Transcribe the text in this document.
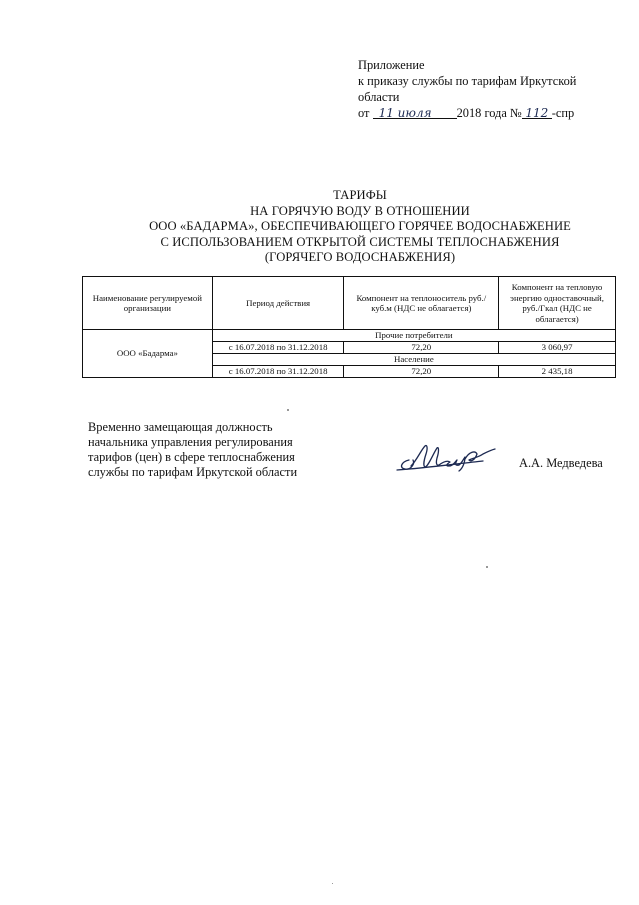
Приложение
к приказу службы по тарифам Иркутской
области
от 11 июля 2018 года № 112 -спр
ТАРИФЫ
НА ГОРЯЧУЮ ВОДУ В ОТНОШЕНИИ
ООО «БАДАРМА», ОБЕСПЕЧИВАЮЩЕГО ГОРЯЧЕЕ ВОДОСНАБЖЕНИЕ
С ИСПОЛЬЗОВАНИЕМ ОТКРЫТОЙ СИСТЕМЫ ТЕПЛОСНАБЖЕНИЯ
(ГОРЯЧЕГО ВОДОСНАБЖЕНИЯ)
Наименование регулируемой организации	Период действия	Компонент на теплоноситель руб./куб.м (НДС не облагается)	Компонент на тепловую энергию одноставочный, руб./Гкал (НДС не облагается)
ООО «Бадарма»	Прочие потребители		
	с 16.07.2018 по 31.12.2018	72,20	3 060,97
	Население		
	с 16.07.2018 по 31.12.2018	72,20	2 435,18
Временно замещающая должность
начальника управления регулирования
тарифов (цен) в сфере теплоснабжения
службы по тарифам Иркутской области
А.А. Медведева
